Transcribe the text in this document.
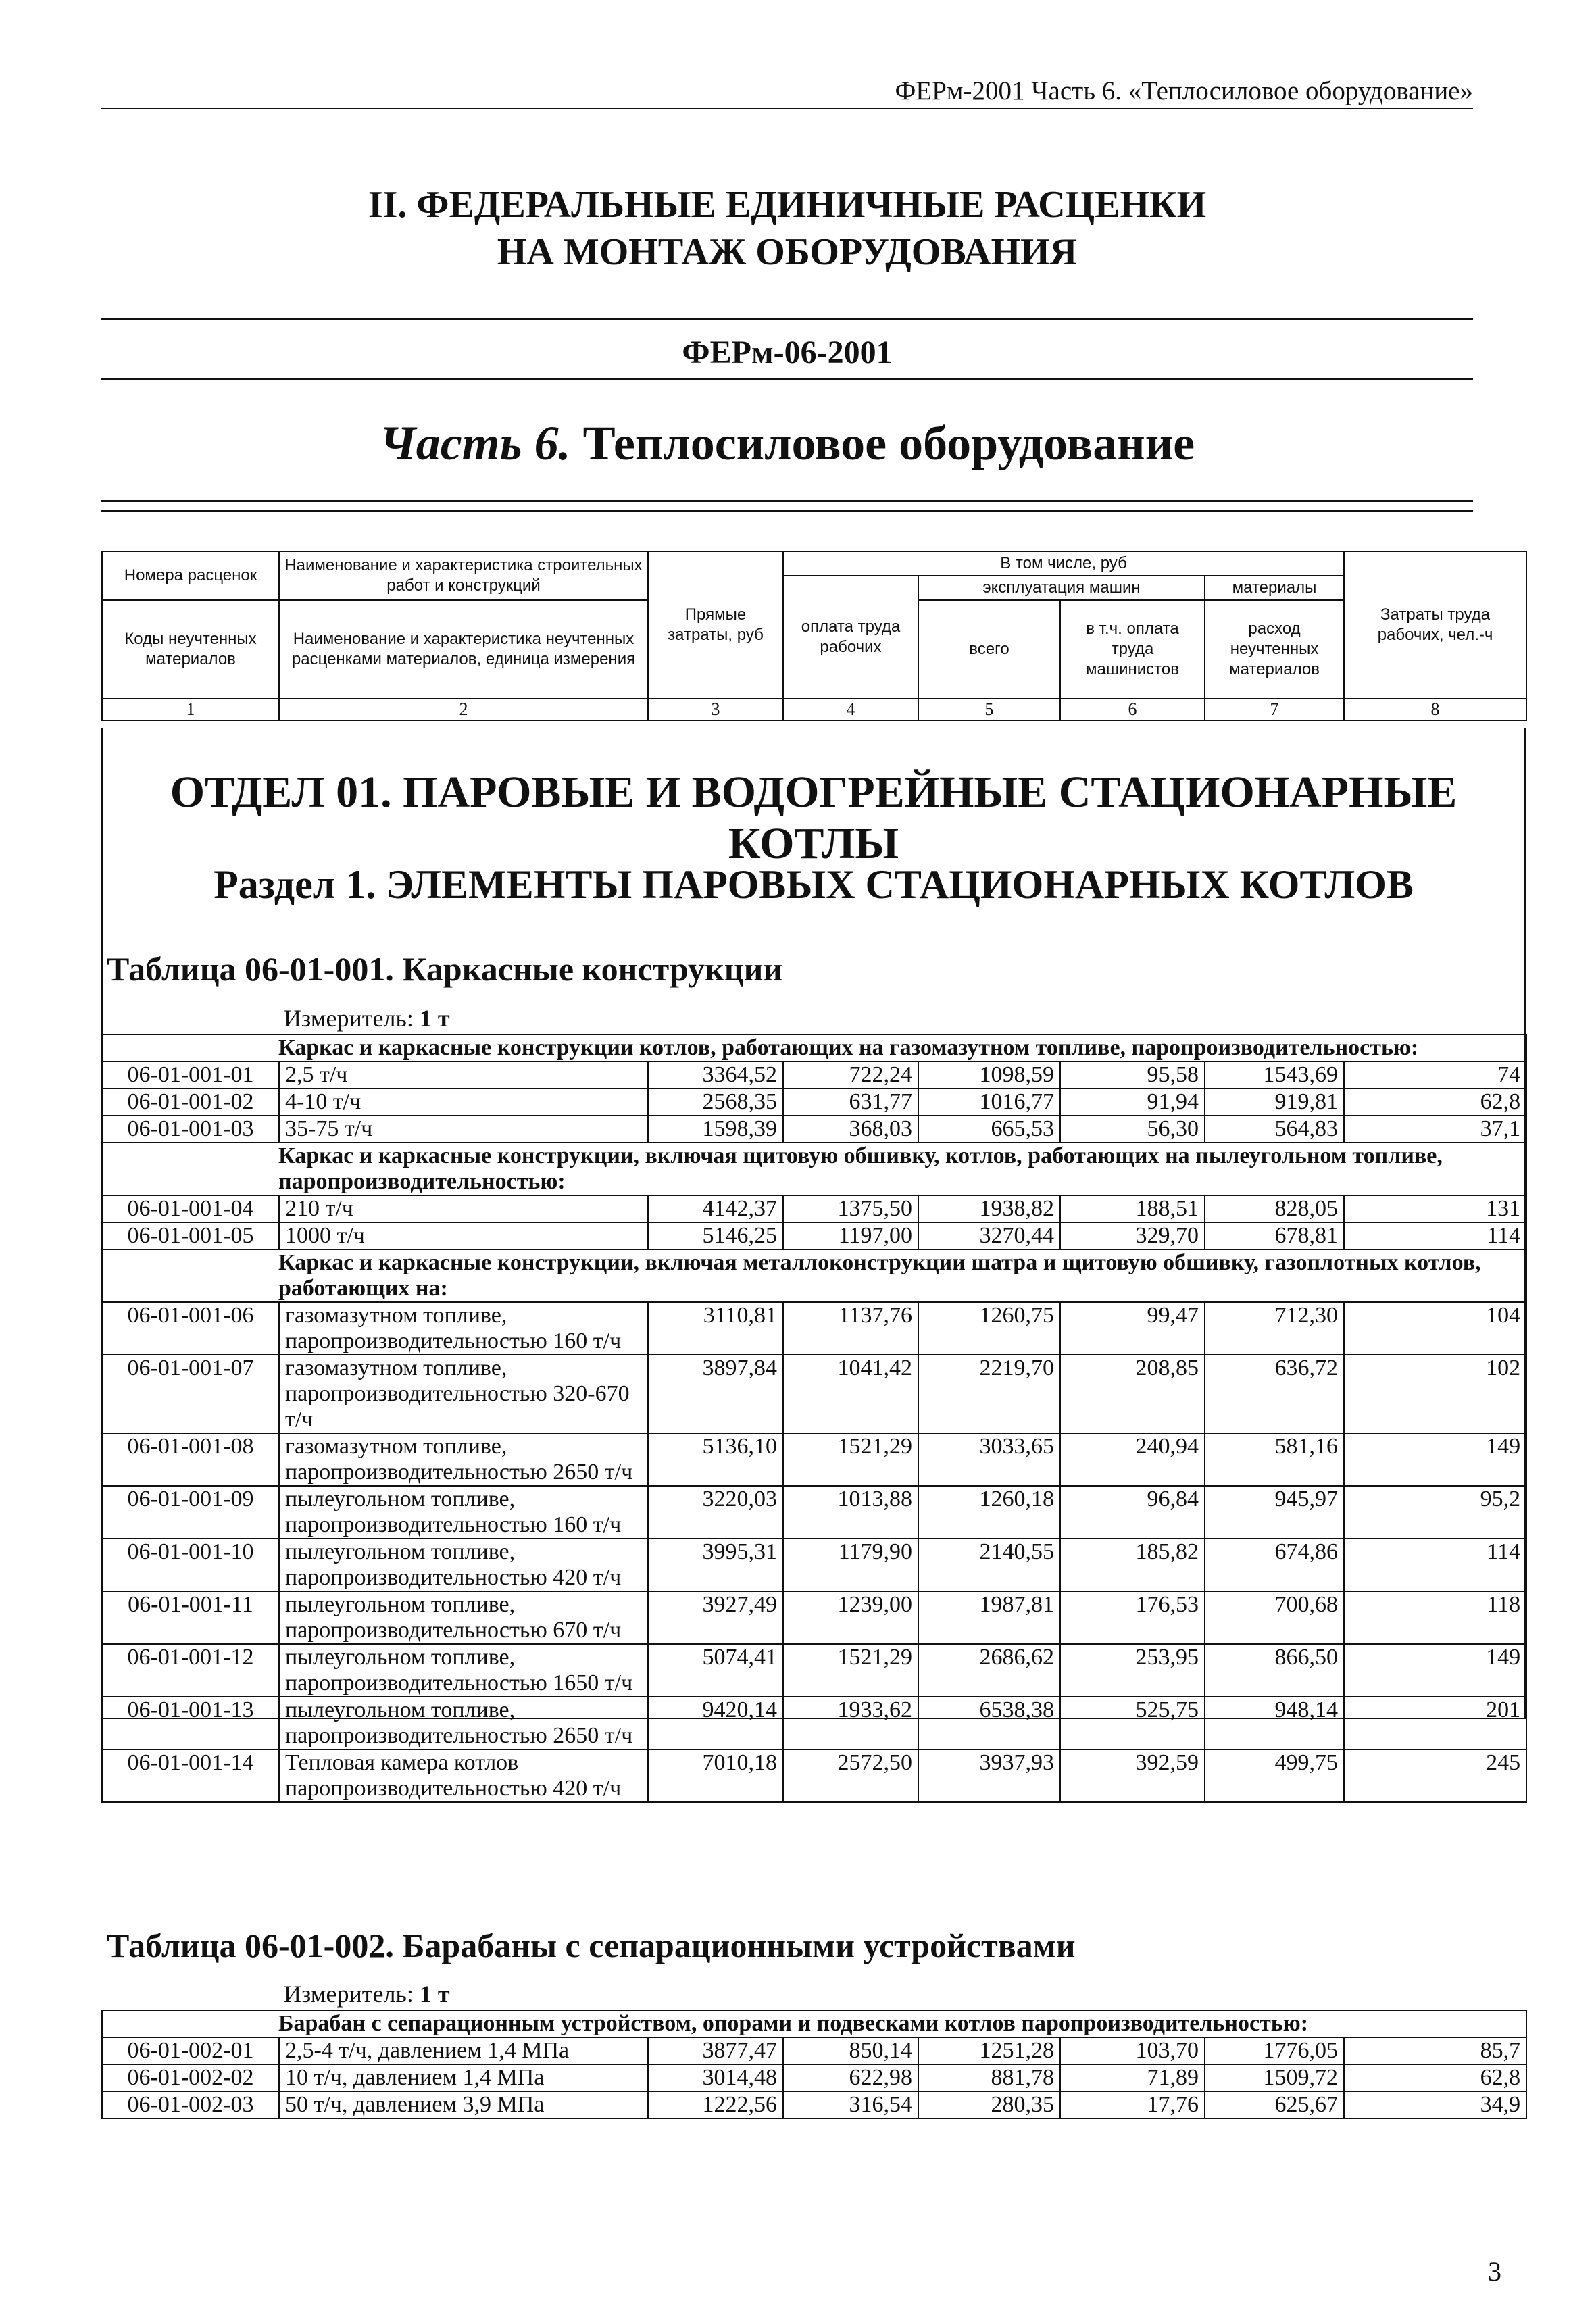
ФЕРм-2001 Часть 6. «Теплосиловое оборудование»
II. ФЕДЕРАЛЬНЫЕ ЕДИНИЧНЫЕ РАСЦЕНКИ
НА МОНТАЖ ОБОРУДОВАНИЯ
ФЕРм-06-2001
Часть 6. Теплосиловое оборудование
Номера расценок	Наименование и характеристика строительных работ и конструкций	Прямые затраты, руб	В том числе, руб				Затраты труда рабочих, чел.-ч
			оплата труда рабочих	эксплуатация машин		материалы	
Коды неучтенных материалов	Наименование и характеристика неучтенных расценками материалов, единица измерения			всего	в т.ч. оплата труда машинистов	расход неучтенных материалов	

1	2	3	4	5	6	7	8
ОТДЕЛ 01. ПАРОВЫЕ И ВОДОГРЕЙНЫЕ СТАЦИОНАРНЫЕ КОТЛЫ
Раздел 1. ЭЛЕМЕНТЫ ПАРОВЫХ СТАЦИОНАРНЫХ КОТЛОВ
Таблица 06-01-001. Каркасные конструкции
Измеритель: 1 т
Каркас и каркасные конструкции котлов, работающих на газомазутном топливе, паропроизводительностью:							
06-01-001-01	2,5 т/ч	3364,52	722,24	1098,59	95,58	1543,69	74
06-01-001-02	4-10 т/ч	2568,35	631,77	1016,77	91,94	919,81	62,8
06-01-001-03	35-75 т/ч	1598,39	368,03	665,53	56,30	564,83	37,1
Каркас и каркасные конструкции, включая щитовую обшивку, котлов, работающих на пылеугольном топливе, паропроизводительностью:							
06-01-001-04	210 т/ч	4142,37	1375,50	1938,82	188,51	828,05	131
06-01-001-05	1000 т/ч	5146,25	1197,00	3270,44	329,70	678,81	114
Каркас и каркасные конструкции, включая металлоконструкции шатра и щитовую обшивку, газоплотных котлов, работающих на:							
06-01-001-06	газомазутном топливе, паропроизводительностью 160 т/ч	3110,81	1137,76	1260,75	99,47	712,30	104
06-01-001-07	газомазутном топливе, паропроизводительностью 320-670 т/ч	3897,84	1041,42	2219,70	208,85	636,72	102
06-01-001-08	газомазутном топливе, паропроизводительностью 2650 т/ч	5136,10	1521,29	3033,65	240,94	581,16	149
06-01-001-09	пылеугольном топливе, паропроизводительностью 160 т/ч	3220,03	1013,88	1260,18	96,84	945,97	95,2
06-01-001-10	пылеугольном топливе, паропроизводительностью 420 т/ч	3995,31	1179,90	2140,55	185,82	674,86	114
06-01-001-11	пылеугольном топливе, паропроизводительностью 670 т/ч	3927,49	1239,00	1987,81	176,53	700,68	118
06-01-001-12	пылеугольном топливе, паропроизводительностью 1650 т/ч	5074,41	1521,29	2686,62	253,95	866,50	149
06-01-001-13	пылеугольном топливе, паропроизводительностью 2650 т/ч	9420,14	1933,62	6538,38	525,75	948,14	201
06-01-001-14	Тепловая камера котлов паропроизводительностью 420 т/ч	7010,18	2572,50	3937,93	392,59	499,75	245
Таблица 06-01-002. Барабаны с сепарационными устройствами
Измеритель: 1 т
Барабан с сепарационным устройством, опорами и подвесками котлов паропроизводительностью:							
06-01-002-01	2,5-4 т/ч, давлением 1,4 МПа	3877,47	850,14	1251,28	103,70	1776,05	85,7
06-01-002-02	10 т/ч, давлением 1,4 МПа	3014,48	622,98	881,78	71,89	1509,72	62,8
06-01-002-03	50 т/ч, давлением 3,9 МПа	1222,56	316,54	280,35	17,76	625,67	34,9
3
